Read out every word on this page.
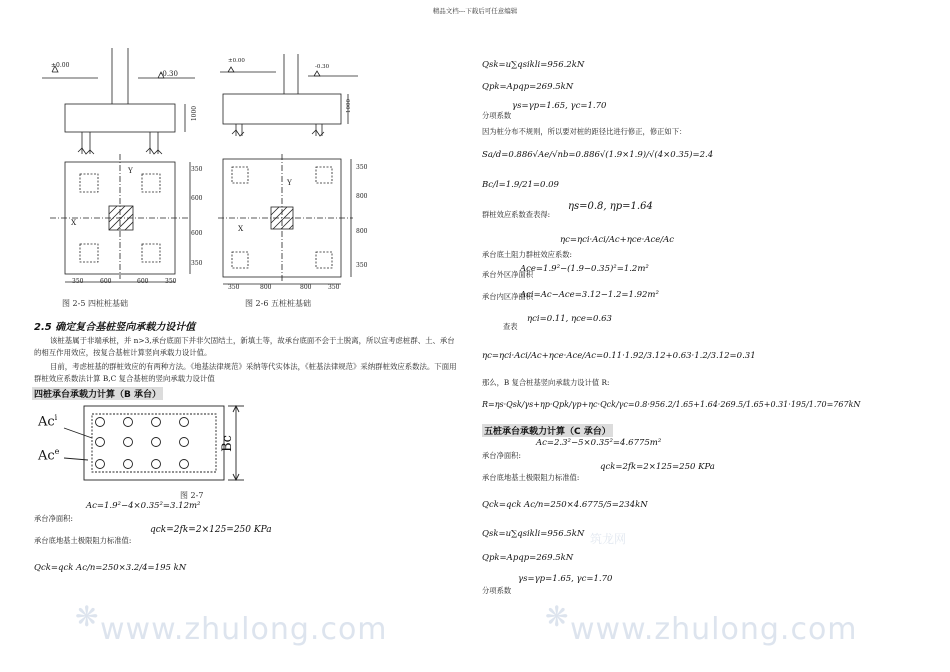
精品文档---下载后可任意编辑
www.zhulong.com	www.zhulong.com
❋	❋
筑龙网
±0.00
-0.30
1000
350
600
600
350
350	600	600	350
X
Y
图 2-5 四桩桩基础
±0.00
-0.30
1000
350
800
800
350
350	800	800	350
X
Y
图 2-6 五桩桩基础
2.5 确定复合基桩竖向承载力设计值
该桩基属于非端承桩，并 n>3,承台底面下并非欠固结土，新填土等，故承台底面不会于土脱离，所以宜考虑桩群、土、承台的相互作用效应，按复合基桩计算竖向承载力设计值。
目前，考虑桩基的群桩效应的有两种方法。《地基法律规范》采纳等代实体法，《桩基法律规范》采纳群桩效应系数法。下面用群桩效应系数法计算 B,C 复合基桩的竖向承载力设计值
四桩承台承载力计算（B 承台）
Ac$^i$
Ac$^e$	Bc
图 2-7
Ac=1.9²−4×0.35²=3.12m²
承台净面积:
qck=2fk=2×125=250 KPa
承台底地基土极限阻力标准值:
Qck=qck Ac/n=250×3.2/4=195 kN
Qsk=u∑qsikli=956.2kN
Qpk=Apqp=269.5kN
γs=γp=1.65, γc=1.70
分项系数
因为桩分布不规则，所以要对桩的距径比进行修正，修正如下：
Sa/d=0.886√Ae/√nb=0.886√(1.9×1.9)/√(4×0.35)=2.4
Bc/l=1.9/21=0.09
ηs=0.8, ηp=1.64
群桩效应系数查表得:
ηc=ηci·Aci/Ac+ηce·Ace/Ac
承台底土阻力群桩效应系数:
承台外区净面积
Ace=1.9²−(1.9−0.35)²=1.2m²
承台内区净面积
Aci=Ac−Ace=3.12−1.2=1.92m²
查表
ηci=0.11, ηce=0.63
ηc=ηci·Aci/Ac+ηce·Ace/Ac=0.11·1.92/3.12+0.63·1.2/3.12=0.31
那么，B 复合桩基竖向承载力设计值 R:
R=ηs·Qsk/γs+ηp·Qpk/γp+ηc·Qck/γc=0.8·956.2/1.65+1.64·269.5/1.65+0.31·195/1.70=767kN
五桩承台承载力计算（C 承台）
Ac=2.3²−5×0.35²=4.6775m²
承台净面积:
qck=2fk=2×125=250 KPa
承台底地基土极限阻力标准值:
Qck=qck Ac/n=250×4.6775/5=234kN
Qsk=u∑qsikli=956.5kN
Qpk=Apqp=269.5kN
γs=γp=1.65, γc=1.70
分项系数
